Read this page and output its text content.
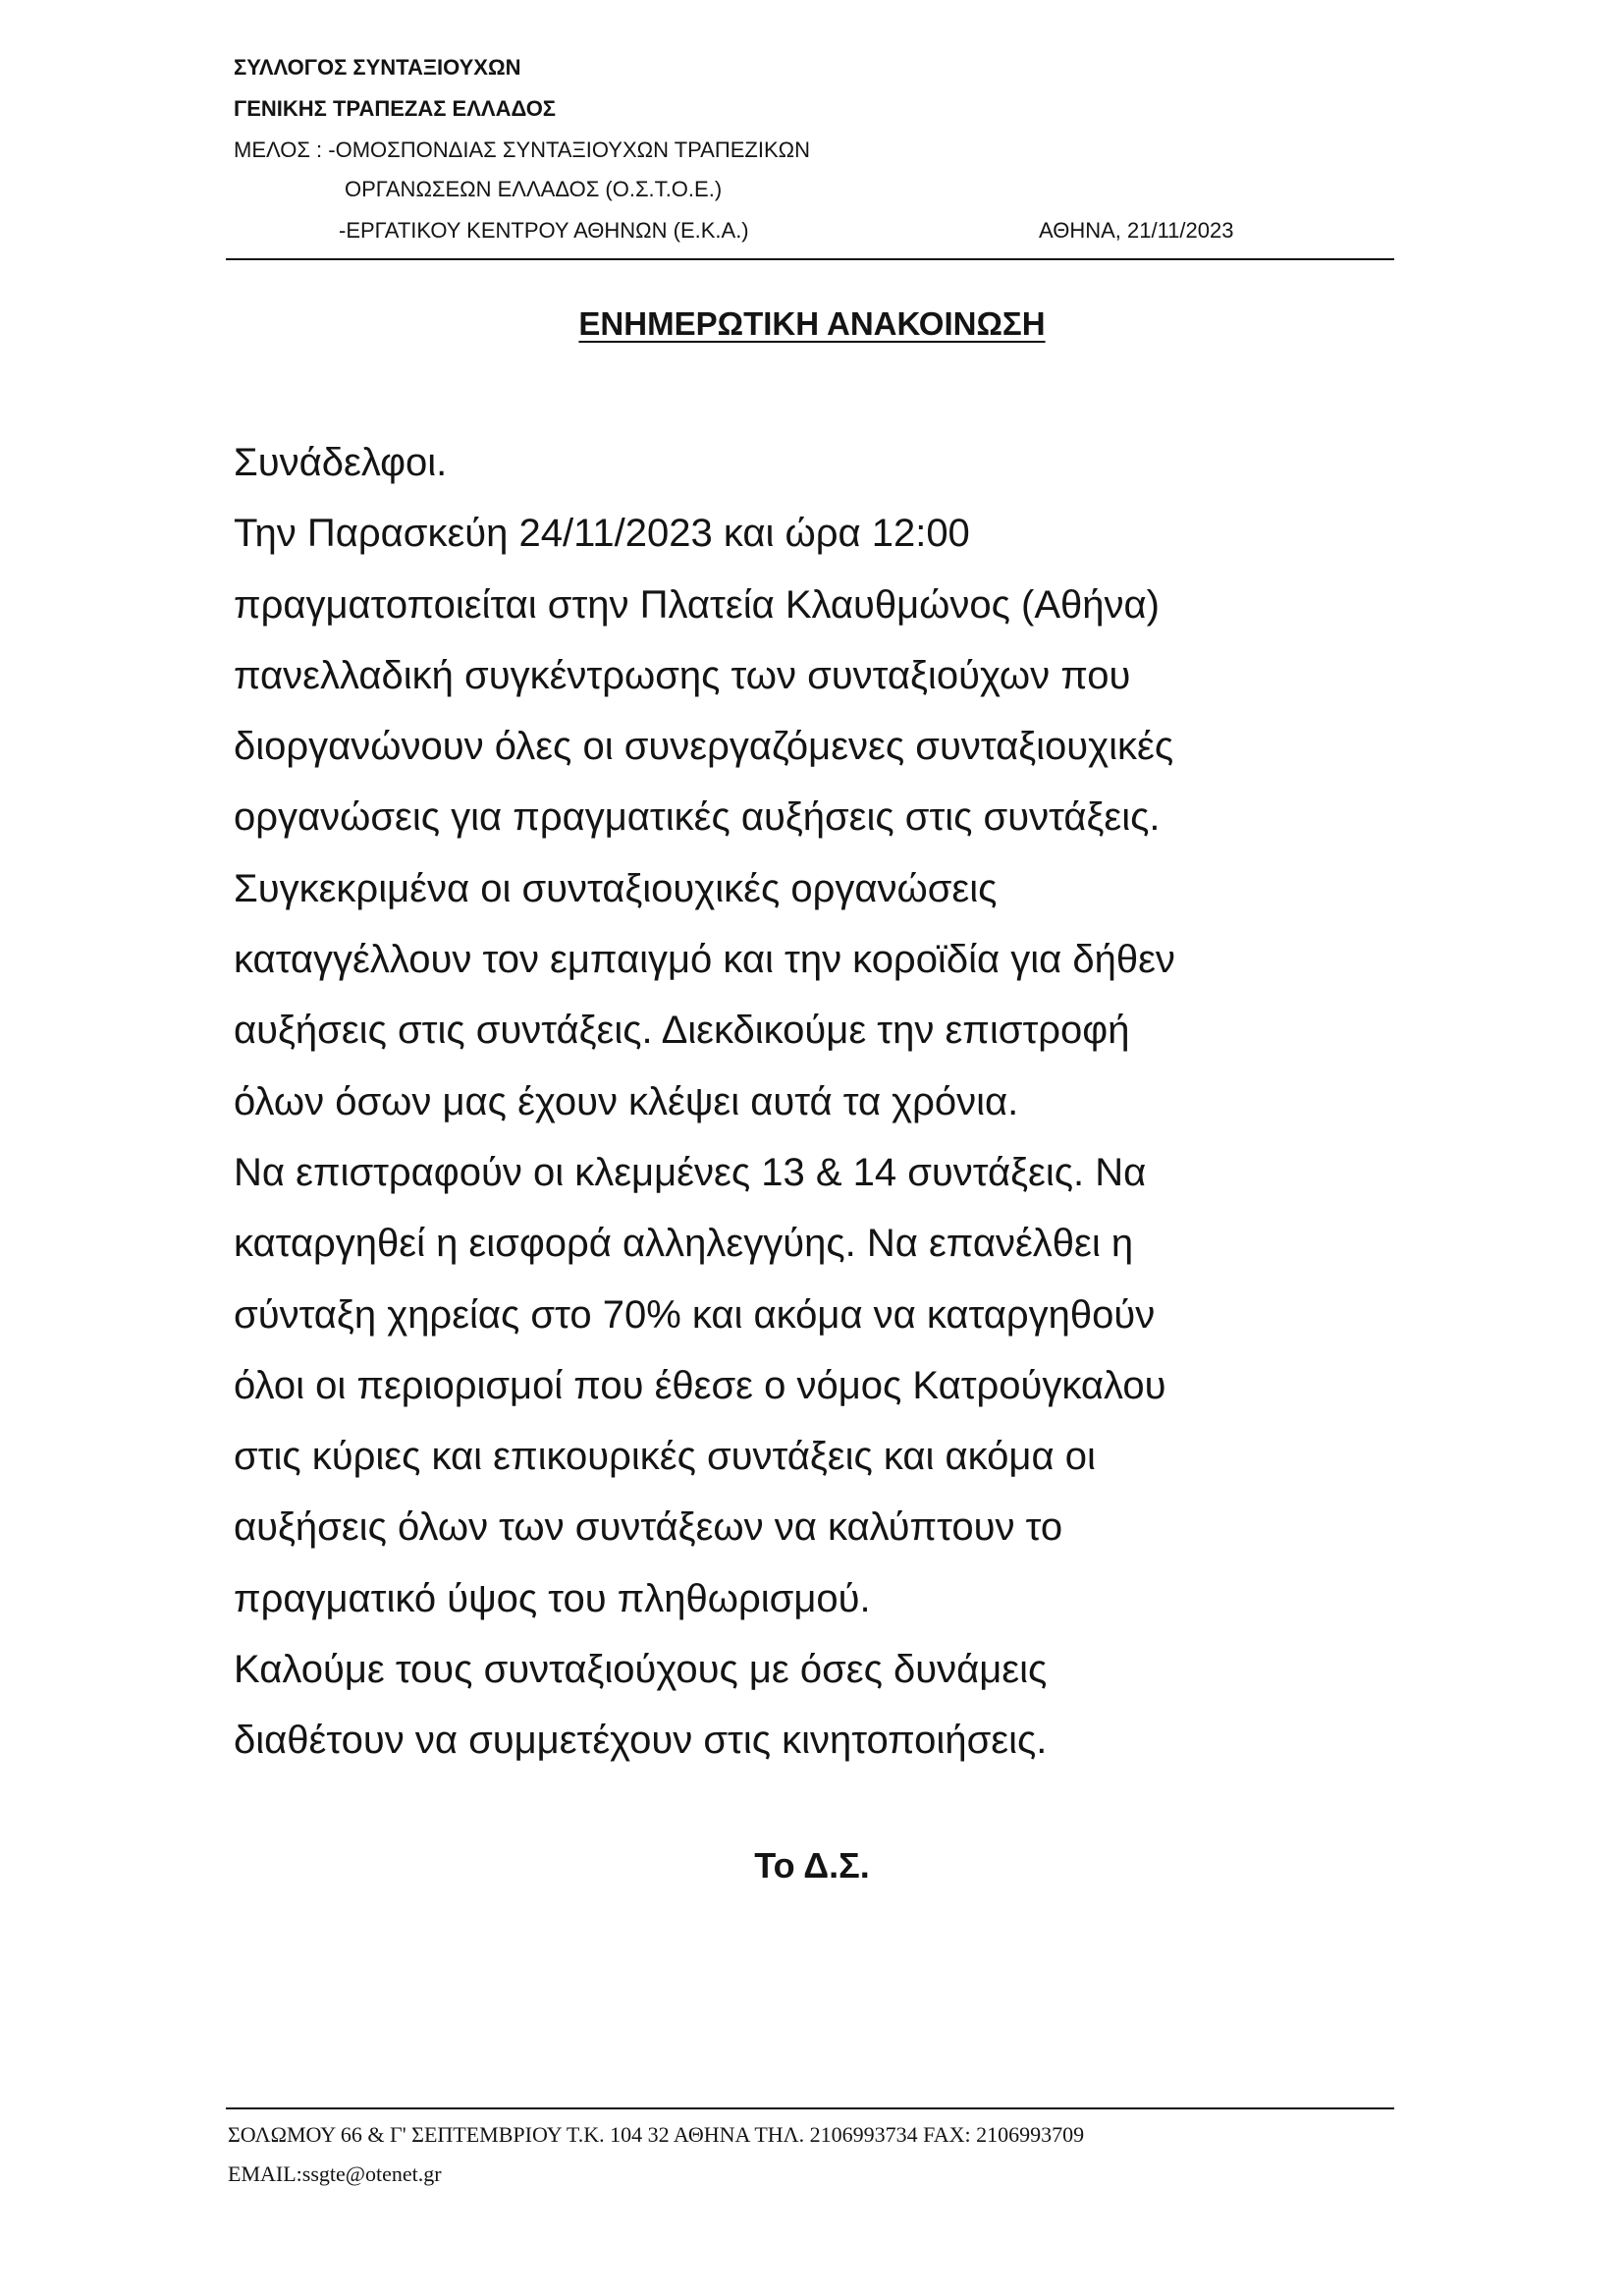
ΣΥΛΛΟΓΟΣ ΣΥΝΤΑΞΙΟΥΧΩΝ
ΓΕΝΙΚΗΣ ΤΡΑΠΕΖΑΣ ΕΛΛΑΔΟΣ
ΜΕΛΟΣ : -ΟΜΟΣΠΟΝΔΙΑΣ ΣΥΝΤΑΞΙΟΥΧΩΝ ΤΡΑΠΕΖΙΚΩΝ
ΟΡΓΑΝΩΣΕΩΝ ΕΛΛΑΔΟΣ (Ο.Σ.Τ.Ο.Ε.)
-ΕΡΓΑΤΙΚΟΥ ΚΕΝΤΡΟΥ ΑΘΗΝΩΝ (Ε.Κ.Α.)	ΑΘΗΝΑ, 21/11/2023
ΕΝΗΜΕΡΩΤΙΚΗ ΑΝΑΚΟΙΝΩΣΗ
Συνάδελφοι.
Την Παρασκεύη 24/11/2023 και ώρα 12:00
πραγματοποιείται στην Πλατεία Κλαυθμώνος (Αθήνα)
πανελλαδική συγκέντρωσης των συνταξιούχων που
διοργανώνουν όλες οι συνεργαζόμενες συνταξιουχικές
οργανώσεις για πραγματικές αυξήσεις στις συντάξεις.
Συγκεκριμένα οι συνταξιουχικές οργανώσεις
καταγγέλλουν τον εμπαιγμό και την κοροϊδία για δήθεν
αυξήσεις στις συντάξεις. Διεκδικούμε την επιστροφή
όλων όσων μας έχουν κλέψει αυτά τα χρόνια.
Να επιστραφούν οι κλεμμένες 13 & 14 συντάξεις. Να
καταργηθεί η εισφορά αλληλεγγύης. Να επανέλθει η
σύνταξη χηρείας στο 70% και ακόμα να καταργηθούν
όλοι οι περιορισμοί που έθεσε ο νόμος Κατρούγκαλου
στις κύριες και επικουρικές συντάξεις και ακόμα οι
αυξήσεις όλων των συντάξεων να καλύπτουν το
πραγματικό ύψος του πληθωρισμού.
Καλούμε τους συνταξιούχους με όσες δυνάμεις
διαθέτουν να συμμετέχουν στις κινητοποιήσεις.
Το Δ.Σ.
ΣΟΛΩΜΟΥ 66 & Γ' ΣΕΠΤΕΜΒΡΙΟΥ Τ.Κ. 104 32 ΑΘΗΝΑ ΤΗΛ. 2106993734 FAX: 2106993709
EMAIL:ssgte@otenet.gr
